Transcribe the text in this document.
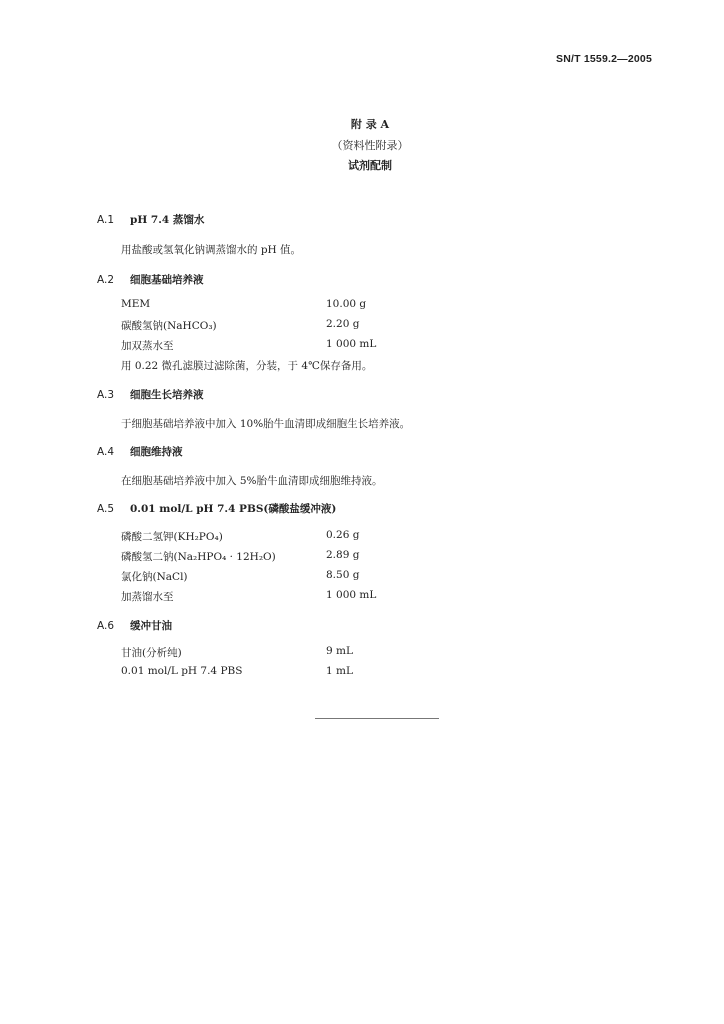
SN/T 1559.2—2005
附 录 A
（资料性附录）
试剂配制
A.1 pH 7.4 蒸馏水
用盐酸或氢氧化钠调蒸馏水的 pH 值。
A.2 细胞基础培养液
MEM	10.00 g
碳酸氢钠(NaHCO₃)	2.20 g
加双蒸水至	1 000 mL
用 0.22 微孔滤膜过滤除菌，分装，于 4℃保存备用。
A.3 细胞生长培养液
于细胞基础培养液中加入 10%胎牛血清即成细胞生长培养液。
A.4 细胞维持液
在细胞基础培养液中加入 5%胎牛血清即成细胞维持液。
A.5 0.01 mol/L pH 7.4 PBS(磷酸盐缓冲液)
磷酸二氢钾(KH₂PO₄)	0.26 g
磷酸氢二钠(Na₂HPO₄ · 12H₂O)	2.89 g
氯化钠(NaCl)	8.50 g
加蒸馏水至	1 000 mL
A.6 缓冲甘油
甘油(分析纯)	9 mL
0.01 mol/L pH 7.4 PBS	1 mL
